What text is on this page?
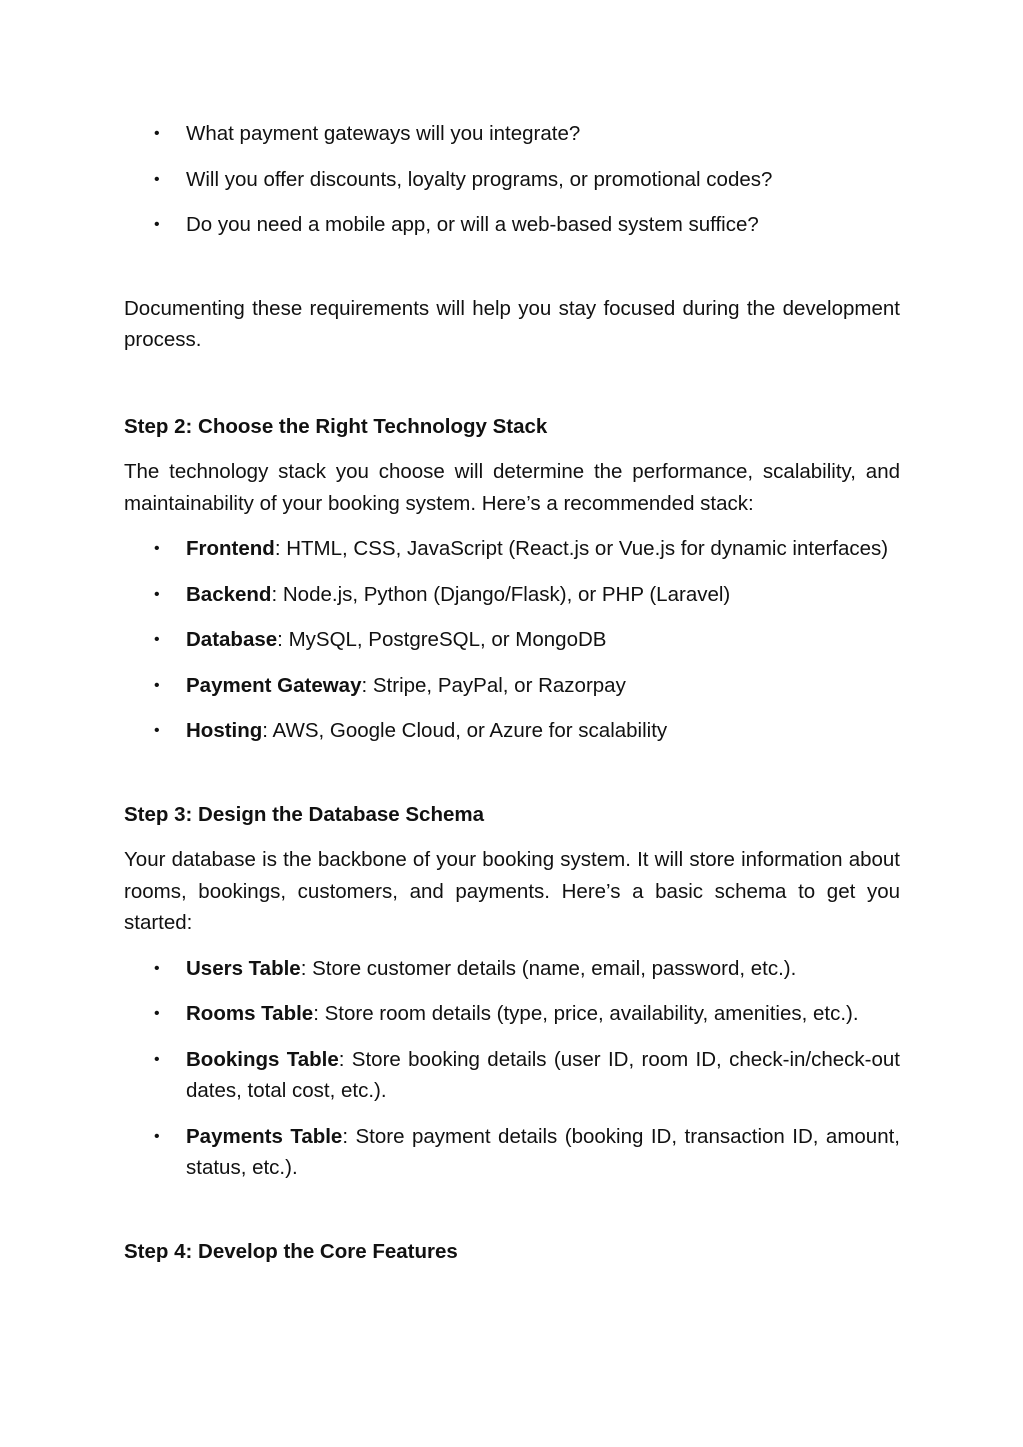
• What payment gateways will you integrate?
• Will you offer discounts, loyalty programs, or promotional codes?
• Do you need a mobile app, or will a web-based system suffice?

Documenting these requirements will help you stay focused during the development process.

Step 2: Choose the Right Technology Stack

The technology stack you choose will determine the performance, scalability, and maintainability of your booking system. Here’s a recommended stack:

• Frontend: HTML, CSS, JavaScript (React.js or Vue.js for dynamic interfaces)
• Backend: Node.js, Python (Django/Flask), or PHP (Laravel)
• Database: MySQL, PostgreSQL, or MongoDB
• Payment Gateway: Stripe, PayPal, or Razorpay
• Hosting: AWS, Google Cloud, or Azure for scalability

Step 3: Design the Database Schema

Your database is the backbone of your booking system. It will store information about rooms, bookings, customers, and payments. Here’s a basic schema to get you started:

• Users Table: Store customer details (name, email, password, etc.).
• Rooms Table: Store room details (type, price, availability, amenities, etc.).
• Bookings Table: Store booking details (user ID, room ID, check-in/check-out dates, total cost, etc.).
• Payments Table: Store payment details (booking ID, transaction ID, amount, status, etc.).

Step 4: Develop the Core Features
